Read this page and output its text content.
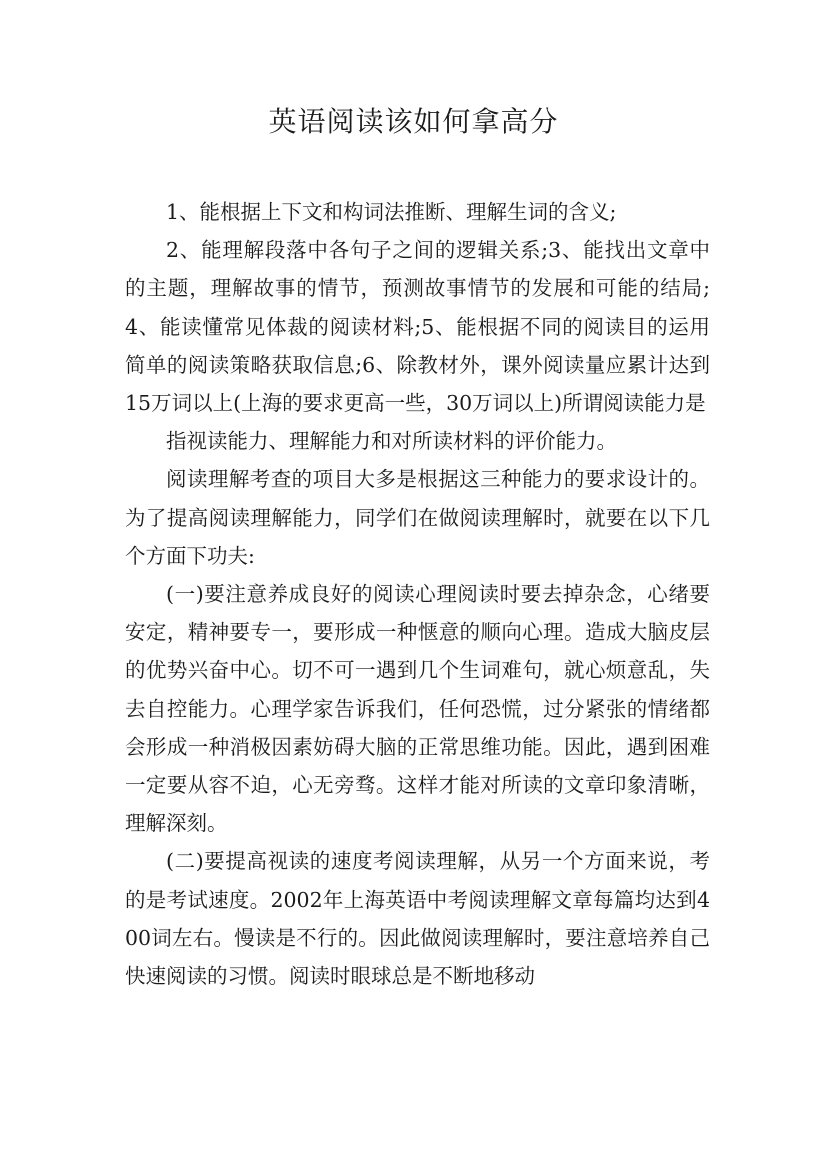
英语阅读该如何拿高分

1、能根据上下文和构词法推断、理解生词的含义;

2、能理解段落中各句子之间的逻辑关系;3、能找出文章中的主题，理解故事的情节，预测故事情节的发展和可能的结局;4、能读懂常见体裁的阅读材料;5、能根据不同的阅读目的运用简单的阅读策略获取信息;6、除教材外，课外阅读量应累计达到15万词以上(上海的要求更高一些，30万词以上)所谓阅读能力是

指视读能力、理解能力和对所读材料的评价能力。

阅读理解考查的项目大多是根据这三种能力的要求设计的。为了提高阅读理解能力，同学们在做阅读理解时，就要在以下几个方面下功夫:

(一)要注意养成良好的阅读心理阅读时要去掉杂念，心绪要安定，精神要专一，要形成一种惬意的顺向心理。造成大脑皮层的优势兴奋中心。切不可一遇到几个生词难句，就心烦意乱，失去自控能力。心理学家告诉我们，任何恐慌，过分紧张的情绪都会形成一种消极因素妨碍大脑的正常思维功能。因此，遇到困难一定要从容不迫，心无旁骛。这样才能对所读的文章印象清晰，理解深刻。

(二)要提高视读的速度考阅读理解，从另一个方面来说，考的是考试速度。2002年上海英语中考阅读理解文章每篇均达到400词左右。慢读是不行的。因此做阅读理解时，要注意培养自己快速阅读的习惯。阅读时眼球总是不断地移动
